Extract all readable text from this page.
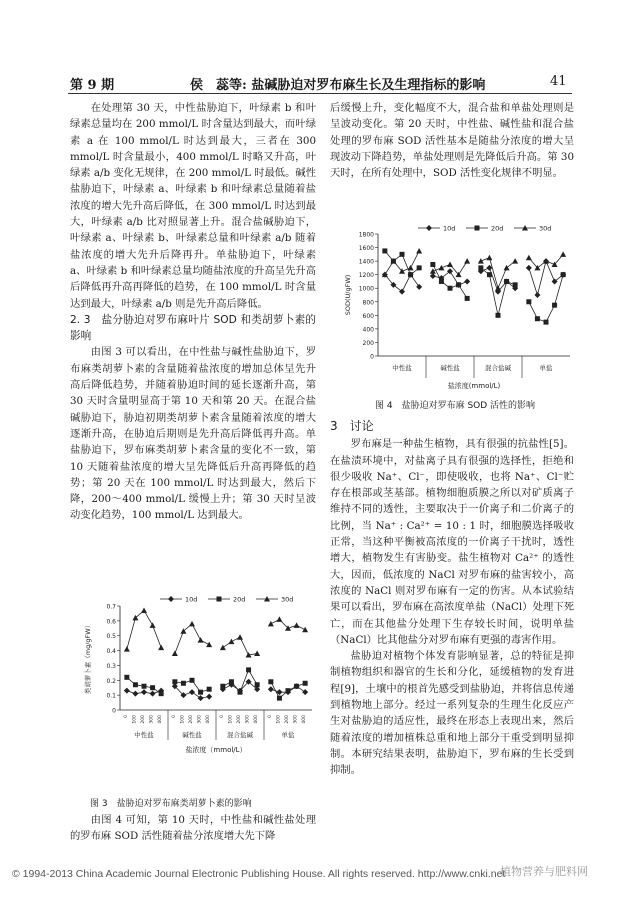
第 9 期	侯　蕊等: 盐碱胁迫对罗布麻生长及生理指标的影响	41

在处理第 30 天，中性盐胁迫下，叶绿素 b 和叶绿素总量均在 200 mmol/L 时含量达到最大，而叶绿素 a 在 100 mmol/L 时达到最大，三者在 300 mmol/L 时含量最小，400 mmol/L 时略又升高，叶绿素 a/b 变化无规律，在 200 mmol/L 时最低。碱性盐胁迫下，叶绿素 a、叶绿素 b 和叶绿素总量随着盐浓度的增大先升高后降低，在 300 mmol/L 时达到最大，叶绿素 a/b 比对照显著上升。混合盐碱胁迫下，叶绿素 a、叶绿素 b、叶绿素总量和叶绿素 a/b 随着盐浓度的增大先升后降再升。单盐胁迫下，叶绿素 a、叶绿素 b 和叶绿素总量均随盐浓度的升高呈先升高后降低再升高再降低的趋势，在 100 mmol/L 时含量达到最大，叶绿素 a/b 则是先升高后降低。

2. 3　盐分胁迫对罗布麻叶片 SOD 和类胡萝卜素的影响

由图 3 可以看出，在中性盐与碱性盐胁迫下，罗布麻类胡萝卜素的含量随着盐浓度的增加总体呈先升高后降低趋势，并随着胁迫时间的延长逐渐升高，第 30 天时含量明显高于第 10 天和第 20 天。在混合盐碱胁迫下，胁迫初期类胡萝卜素含量随着浓度的增大逐渐升高，在胁迫后期则是先升高后降低再升高。单盐胁迫下，罗布麻类胡萝卜素含量的变化不一致，第 10 天随着盐浓度的增大呈先降低后升高再降低的趋势；第 20 天在 100 mmol/L 时达到最大，然后下降，200～400 mmol/L 缓慢上升；第 30 天时呈波动变化趋势，100 mmol/L 达到最大。

0
0.1
0.2
0.3
0.4
0.5
0.6
0.7
中性盐
0 100 200 300 400
碱性盐
0 100 200 300 400
混合盐碱
0 100 200 300 400
单盐
0 100 200 300 400
盐浓度（mmol/L）
类胡萝卜素（mg/gFW）
10d	20d	30d
图 3　盐胁迫对罗布麻类胡萝卜素的影响

由图 4 可知，第 10 天时，中性盐和碱性盐处理的罗布麻 SOD 活性随着盐分浓度增大先下降

后缓慢上升，变化幅度不大，混合盐和单盐处理则是呈波动变化。第 20 天时，中性盐、碱性盐和混合盐处理的罗布麻 SOD 活性基本是随盐分浓度的增大呈现波动下降趋势，单盐处理则是先降低后升高。第 30 天时，在所有处理中，SOD 活性变化规律不明显。

0
200
400
600
800
1000
1200
1400
1600
1800
中性盐	碱性盐	混合盐碱	单盐
盐浓度(mmol/L)
SOD(U/gFW)
10d	20d	30d
图 4　盐胁迫对罗布麻 SOD 活性的影响

3　讨论

罗布麻是一种盐生植物，具有很强的抗盐性[5]。在盐渍环境中，对盐离子具有很强的选择性，拒绝和很少吸收 Na⁺、Cl⁻，即使吸收，也将 Na⁺、Cl⁻贮存在根部或茎基部。植物细胞质膜之所以对矿质离子维持不同的透性，主要取决于一价离子和二价离子的比例，当 Na⁺ : Ca²⁺ = 10 : 1 时，细胞膜选择吸收正常，当这种平衡被高浓度的一价离子干扰时，透性增大，植物发生有害胁变。盐生植物对 Ca²⁺ 的透性大，因而，低浓度的 NaCl 对罗布麻的盐害较小，高浓度的 NaCl 则对罗布麻有一定的伤害。从本试验结果可以看出，罗布麻在高浓度单盐（NaCl）处理下死亡，而在其他盐分处理下生存较长时间，说明单盐（NaCl）比其他盐分对罗布麻有更强的毒害作用。

盐胁迫对植物个体发育影响显著，总的特征是抑制植物组织和器官的生长和分化，延缓植物的发育进程[9]，土壤中的根首先感受到盐胁迫，并将信息传递到植物地上部分。经过一系列复杂的生理生化反应产生对盐胁迫的适应性，最终在形态上表现出来，然后随着浓度的增加植株总重和地上部分干重受到明显抑制。本研究结果表明，盐胁迫下，罗布麻的生长受到抑制。

© 1994-2013 China Academic Journal Electronic Publishing House. All rights reserved. http://www.cnki.net
植物营养与肥料网
